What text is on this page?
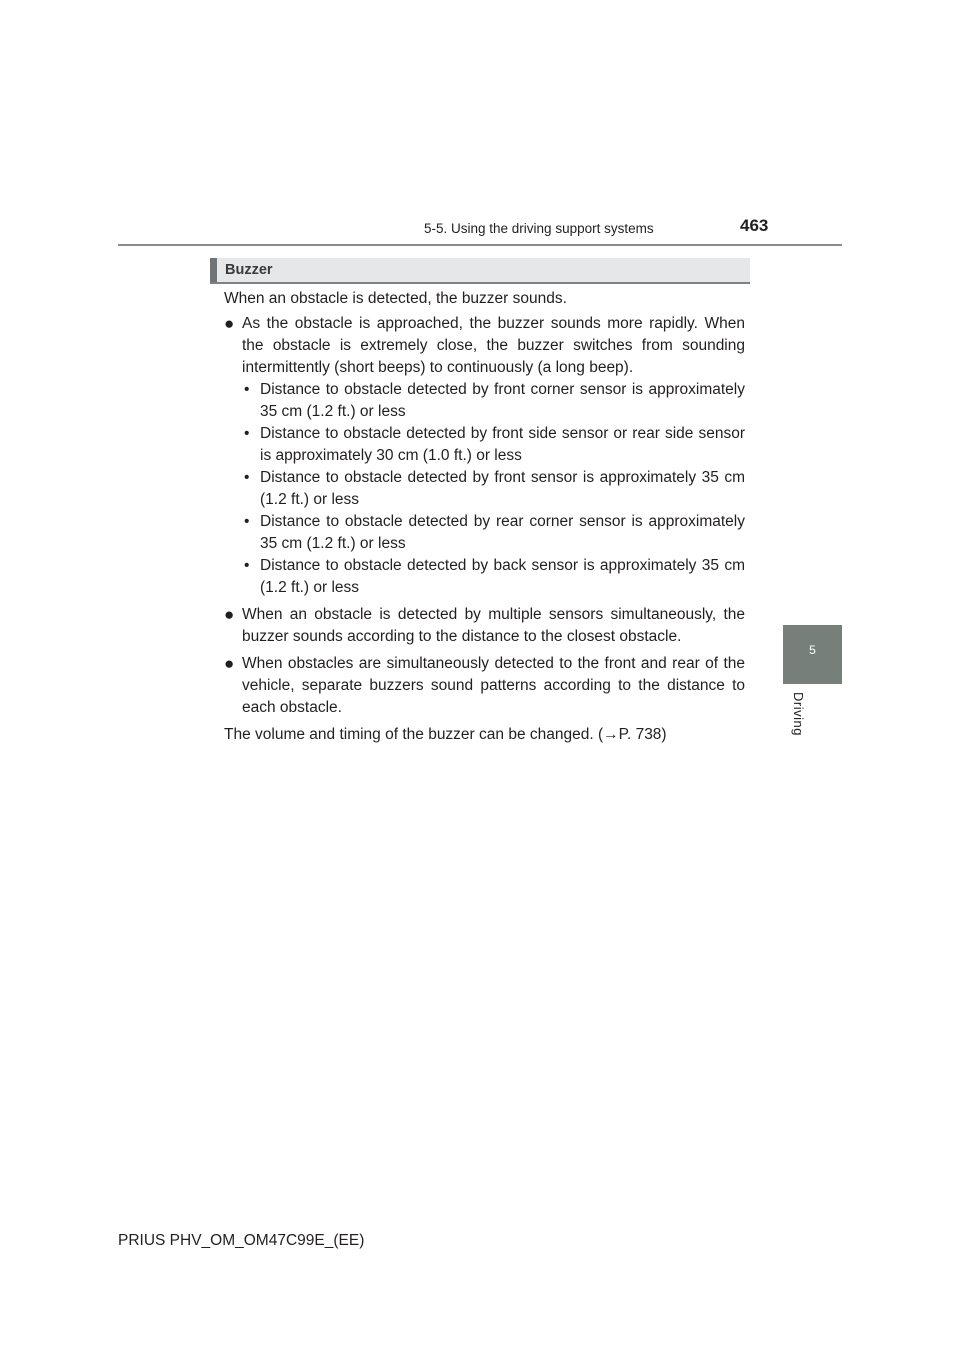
5-5. Using the driving support systems	463
5
Driving
Buzzer

When an obstacle is detected, the buzzer sounds.

● As the obstacle is approached, the buzzer sounds more rapidly. When the obstacle is extremely close, the buzzer switches from sounding intermittently (short beeps) to continuously (a long beep).
• Distance to obstacle detected by front corner sensor is approximately 35 cm (1.2 ft.) or less
• Distance to obstacle detected by front side sensor or rear side sensor is approximately 30 cm (1.0 ft.) or less
• Distance to obstacle detected by front sensor is approximately 35 cm (1.2 ft.) or less
• Distance to obstacle detected by rear corner sensor is approximately 35 cm (1.2 ft.) or less
• Distance to obstacle detected by back sensor is approximately 35 cm (1.2 ft.) or less
● When an obstacle is detected by multiple sensors simultaneously, the buzzer sounds according to the distance to the closest obstacle.
● When obstacles are simultaneously detected to the front and rear of the vehicle, separate buzzers sound patterns according to the distance to each obstacle.

The volume and timing of the buzzer can be changed. (→P. 738)

PRIUS PHV_OM_OM47C99E_(EE)
